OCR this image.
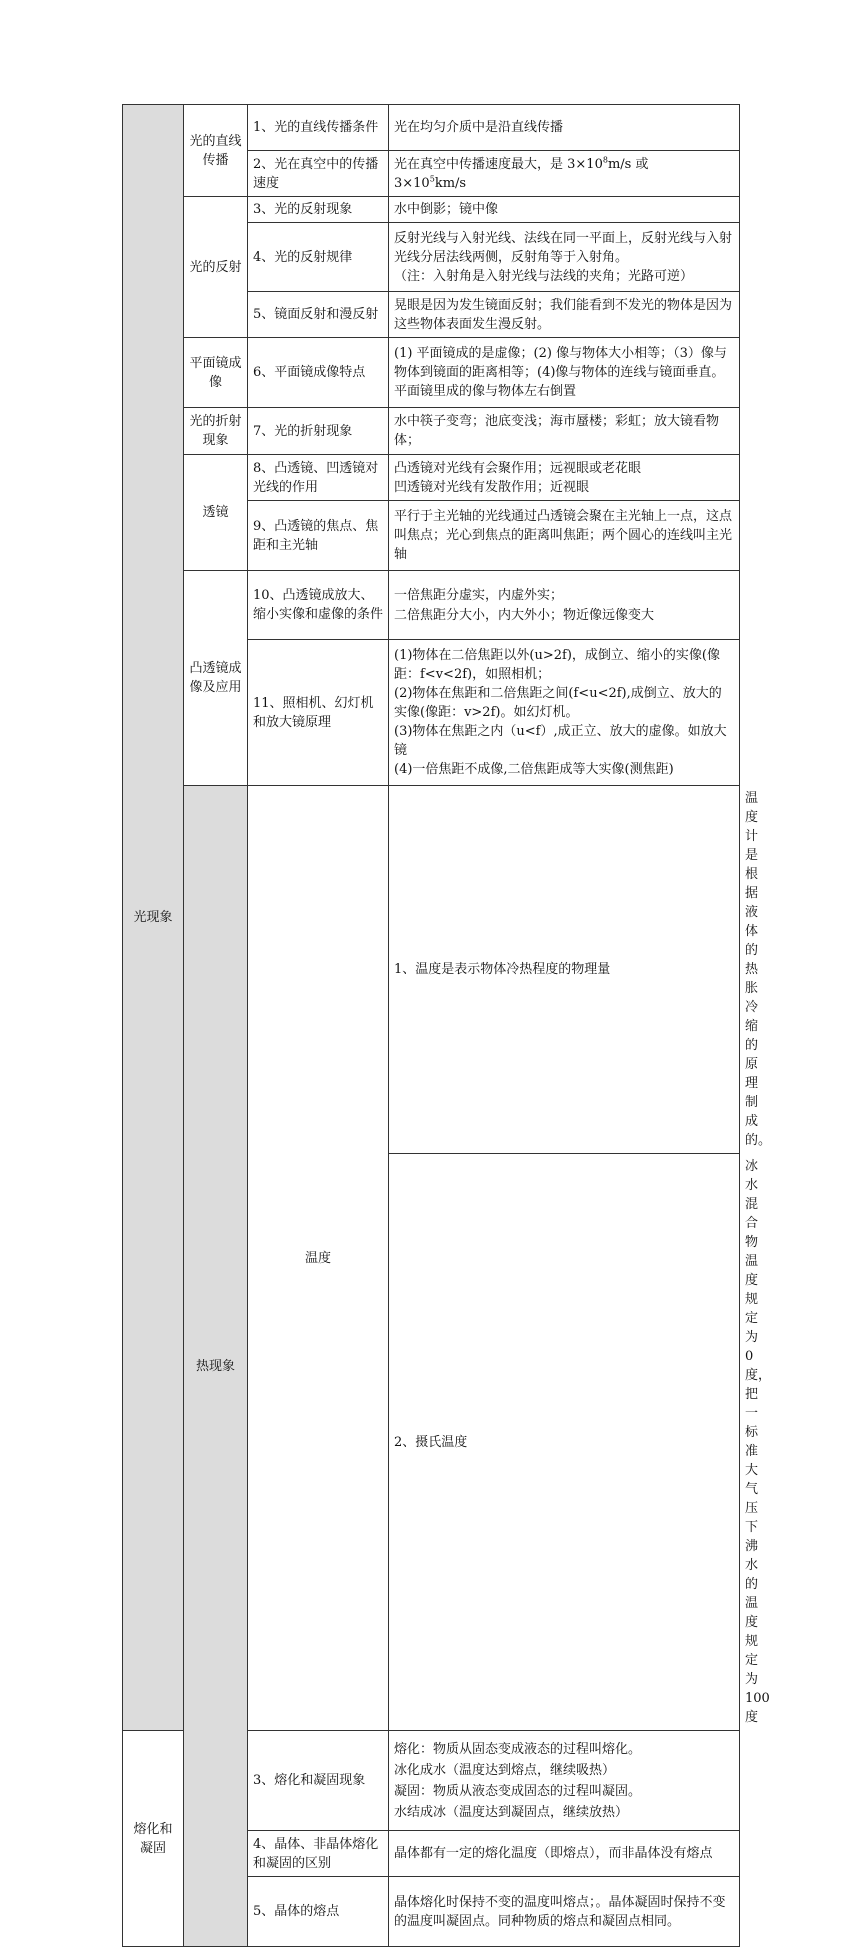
光现象	光的直线传播	1、光的直线传播条件	光在均匀介质中是沿直线传播	

		2、光在真空中的传播速度	光在真空中传播速度最大，是 $3\times 10^8m/s$ 或
$3\times 10^5km/s$	

	光的反射	3、光的反射现象	水中倒影；镜中像	

		4、光的反射规律	反射光线与入射光线、法线在同一平面上，反射光线与入射光线分居法线两侧，反射角等于入射角。
（注：入射角是入射光线与法线的夹角；光路可逆）	

		5、镜面反射和漫反射	晃眼是因为发生镜面反射；我们能看到不发光的物体是因为这些物体表面发生漫反射。	

	平面镜成像	6、平面镜成像特点	(1) 平面镜成的是虚像；(2) 像与物体大小相等；（3）像与物体到镜面的距离相等；(4)像与物体的连线与镜面垂直。平面镜里成的像与物体左右倒置	

	光的折射现象	7、光的折射现象	水中筷子变弯；池底变浅；海市蜃楼；彩虹；放大镜看物体；	

	透镜	8、凸透镜、凹透镜对光线的作用	凸透镜对光线有会聚作用；远视眼或老花眼
凹透镜对光线有发散作用；近视眼	

		9、凸透镜的焦点、焦距和主光轴	平行于主光轴的光线通过凸透镜会聚在主光轴上一点，这点叫焦点；光心到焦点的距离叫焦距；两个圆心的连线叫主光轴	

	凸透镜成像及应用	10、凸透镜成放大、缩小实像和虚像的条件	一倍焦距分虚实，内虚外实；
二倍焦距分大小，内大外小；物近像远像变大	

		11、照相机、幻灯机和放大镜原理	(1)物体在二倍焦距以外(u>2f)，成倒立、缩小的实像(像距：f<v<2f)，如照相机；
(2)物体在焦距和二倍焦距之间(f<u<2f),成倒立、放大的实像(像距：v>2f)。如幻灯机。
(3)物体在焦距之内（u<f）,成正立、放大的虚像。如放大镜
(4)一倍焦距不成像,二倍焦距成等大实像(测焦距)	

	热现象	温度	1、温度是表示物体冷热程度的物理量	温度计是根据液体的热胀冷缩的原理制成的。

			2、摄氏温度	冰水混合物温度规定为 0 度，把一标准大气压下沸水的温度规定为 100 度

熔化和凝固		3、熔化和凝固现象	熔化：物质从固态变成液态的过程叫熔化。
冰化成水（温度达到熔点，继续吸热）
凝固：物质从液态变成固态的过程叫凝固。
水结成冰（温度达到凝固点，继续放热）	

		4、晶体、非晶体熔化和凝固的区别	晶体都有一定的熔化温度（即熔点），而非晶体没有熔点	

		5、晶体的熔点	晶体熔化时保持不变的温度叫熔点；。晶体凝固时保持不变的温度叫凝固点。同种物质的熔点和凝固点相同。	
